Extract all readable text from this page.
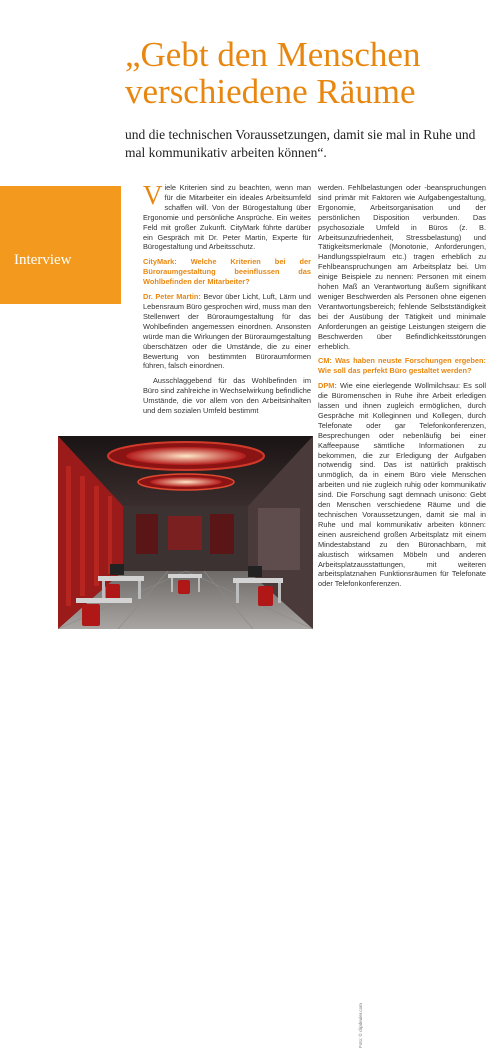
„Gebt den Menschen verschiedene Räume

und die technischen Voraussetzungen, damit sie mal in Ruhe und mal kommunikativ arbeiten können“.

Interview

Viele Kriterien sind zu beachten, wenn man für die Mitarbeiter ein ideales Arbeitsumfeld schaffen will. Von der Bürogestaltung über Ergonomie und persönliche Ansprüche. Ein weites Feld mit großer Zukunft. CityMark führte darüber ein Gespräch mit Dr. Peter Martin, Experte für Bürogestaltung und Arbeitsschutz.

CityMark: Welche Kriterien bei der Büroraumgestaltung beeinflussen das Wohlbefinden der Mitarbeiter?

Dr. Peter Martin: Bevor über Licht, Luft, Lärm und Lebensraum Büro gesprochen wird, muss man den Stellenwert der Büroraumgestaltung für das Wohlbefinden angemessen einordnen. Ansonsten würde man die Wirkungen der Büroraumgestaltung überschätzen oder die Umstände, die zu einer Bewertung von bestimmten Büroraumformen führen, falsch einordnen.

Ausschlaggebend für das Wohlbefinden im Büro sind zahlreiche in Wechselwirkung befindliche Umstände, die vor allem von den Arbeitsinhalten und dem sozialen Umfeld bestimmt

werden. Fehlbelastungen oder -beanspruchungen sind primär mit Faktoren wie Aufgabengestaltung, Ergonomie, Arbeitsorganisation und der persönlichen Disposition verbunden. Das psychosoziale Umfeld in Büros (z. B. Arbeitsunzufriedenheit, Stressbelastung) und Tätigkeitsmerkmale (Monotonie, Anforderungen, Handlungsspielraum etc.) tragen erheblich zu Fehlbeanspruchungen am Arbeitsplatz bei. Um einige Beispiele zu nennen: Personen mit einem hohen Maß an Verantwortung äußern signifikant weniger Beschwerden als Personen ohne eigenen Verantwortungsbereich; fehlende Selbstständigkeit bei der Ausübung der Tätigkeit und minimale Anforderungen an geistige Leistungen steigern die Beschwerden über Befindlichkeitsstörungen erheblich.

CM: Was haben neuste Forschungen ergeben: Wie soll das perfekt Büro gestaltet werden?

DPM: Wie eine eierlegende Wollmilchsau: Es soll die Büromenschen in Ruhe ihre Arbeit erledigen lassen und ihnen zugleich ermöglichen, durch Gespräche mit Kolleginnen und Kollegen, durch Telefonate oder gar Telefonkonferenzen, Besprechungen oder nebenläufig bei einer Kaffeepause sämtliche Informationen zu bekommen, die zur Erledigung der Aufgaben notwendig sind. Das ist natürlich praktisch unmöglich, da in einem Büro viele Menschen arbeiten und nie zugleich ruhig oder kommunikativ sind. Die Forschung sagt demnach unisono: Gebt den Menschen verschiedene Räume und die technischen Voraussetzungen, damit sie mal in Ruhe und mal kommunikativ arbeiten können: einen ausreichend großen Arbeitsplatz mit einem Mindestabstand zu den Büronachbarn, mit akustisch wirksamen Möbeln und anderen Arbeitsplatzausstattungen, mit weiteren arbeitsplatznahen Funktionsräumen für Telefonate oder Telefonkonferenzen.

Foto: © clipdealer.com
